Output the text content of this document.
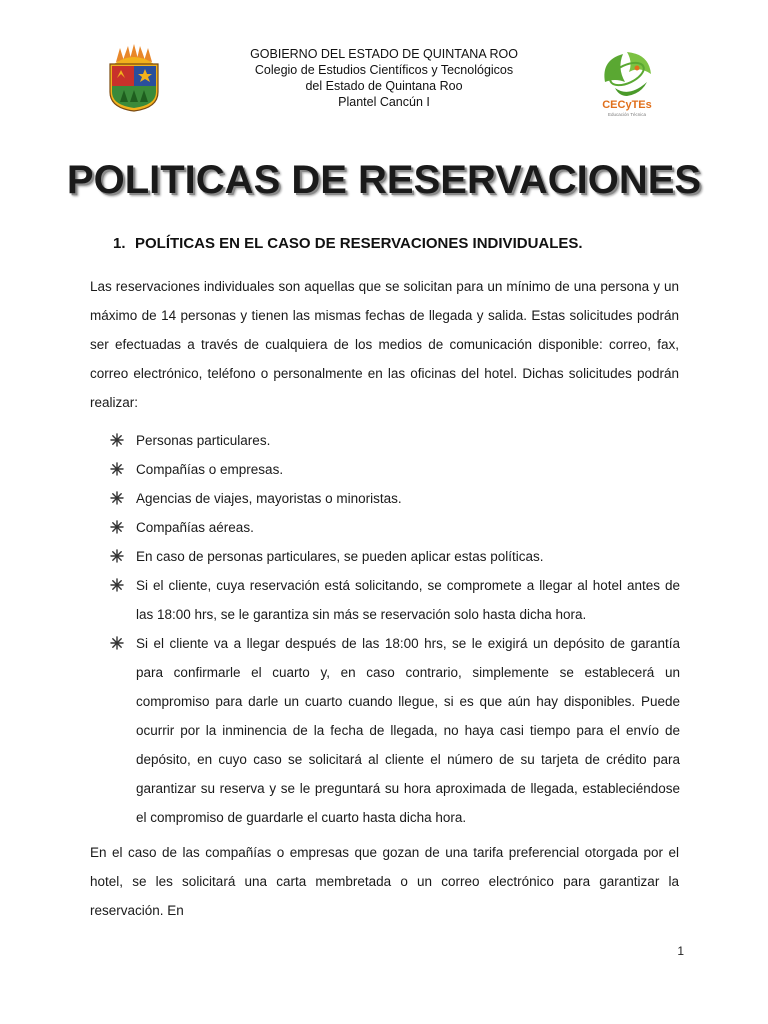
GOBIERNO DEL ESTADO DE QUINTANA ROO
Colegio de Estudios Científicos y Tecnológicos
del Estado de Quintana Roo
Plantel Cancún I	CECyTEs
Educación Técnica
POLITICAS DE RESERVACIONES
1. POLÍTICAS EN EL CASO DE RESERVACIONES INDIVIDUALES.

Las reservaciones individuales son aquellas que se solicitan para un mínimo de una persona y un máximo de 14 personas y tienen las mismas fechas de llegada y salida. Estas solicitudes podrán ser efectuadas a través de cualquiera de los medios de comunicación disponible: correo, fax, correo electrónico, teléfono o personalmente en las oficinas del hotel. Dichas solicitudes podrán realizar:

Personas particulares.
Compañías o empresas.
Agencias de viajes, mayoristas o minoristas.
Compañías aéreas.
En caso de personas particulares, se pueden aplicar estas políticas.
Si el cliente, cuya reservación está solicitando, se compromete a llegar al hotel antes de las 18:00 hrs, se le garantiza sin más se reservación solo hasta dicha hora.
Si el cliente va a llegar después de las 18:00 hrs, se le exigirá un depósito de garantía para confirmarle el cuarto y, en caso contrario, simplemente se establecerá un compromiso para darle un cuarto cuando llegue, si es que aún hay disponibles. Puede ocurrir por la inminencia de la fecha de llegada, no haya casi tiempo para el envío de depósito, en cuyo caso se solicitará al cliente el número de su tarjeta de crédito para garantizar su reserva y se le preguntará su hora aproximada de llegada, estableciéndose el compromiso de guardarle el cuarto hasta dicha hora.

En el caso de las compañías o empresas que gozan de una tarifa preferencial otorgada por el hotel, se les solicitará una carta membretada o un correo electrónico para garantizar la reservación. En

1
